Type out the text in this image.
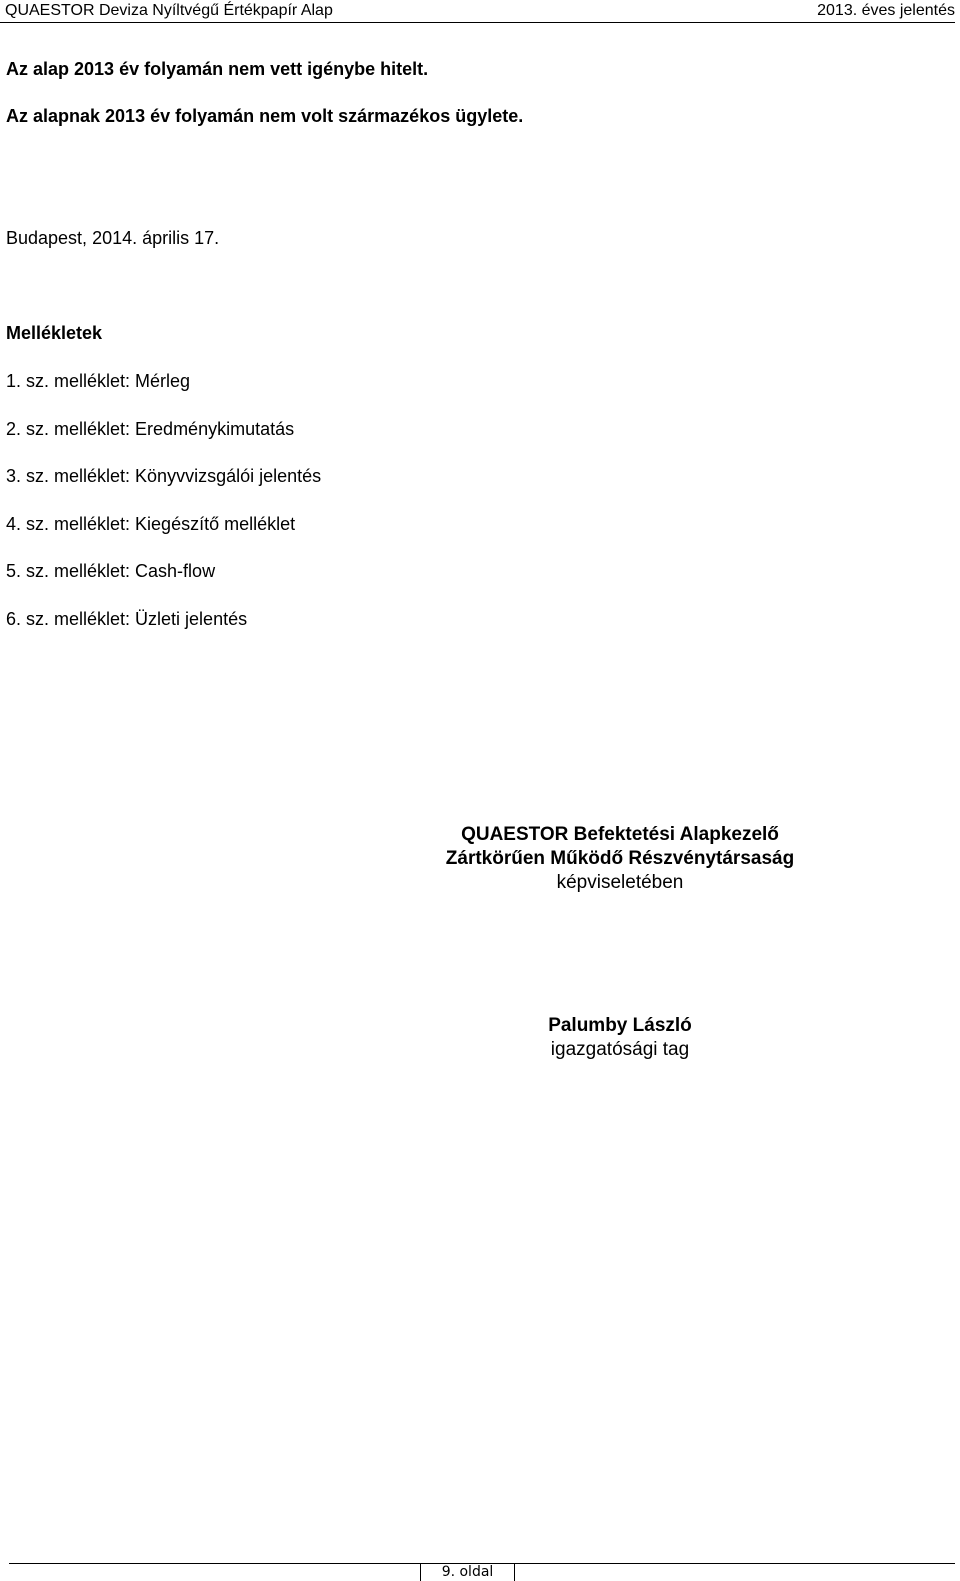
QUAESTOR Deviza Nyíltvégű Értékpapír Alap	2013. éves jelentés
Az alap 2013 év folyamán nem vett igénybe hitelt.
Az alapnak 2013 év folyamán nem volt származékos ügylete.
Budapest, 2014. április 17.
Mellékletek
1. sz. melléklet: Mérleg
2. sz. melléklet: Eredménykimutatás
3. sz. melléklet: Könyvvizsgálói jelentés
4. sz. melléklet: Kiegészítő melléklet
5. sz. melléklet: Cash-flow
6. sz. melléklet: Üzleti jelentés
QUAESTOR Befektetési Alapkezelő
Zártkörűen Működő Részvénytársaság
képviseletében
Palumby László
igazgatósági tag
9. oldal
